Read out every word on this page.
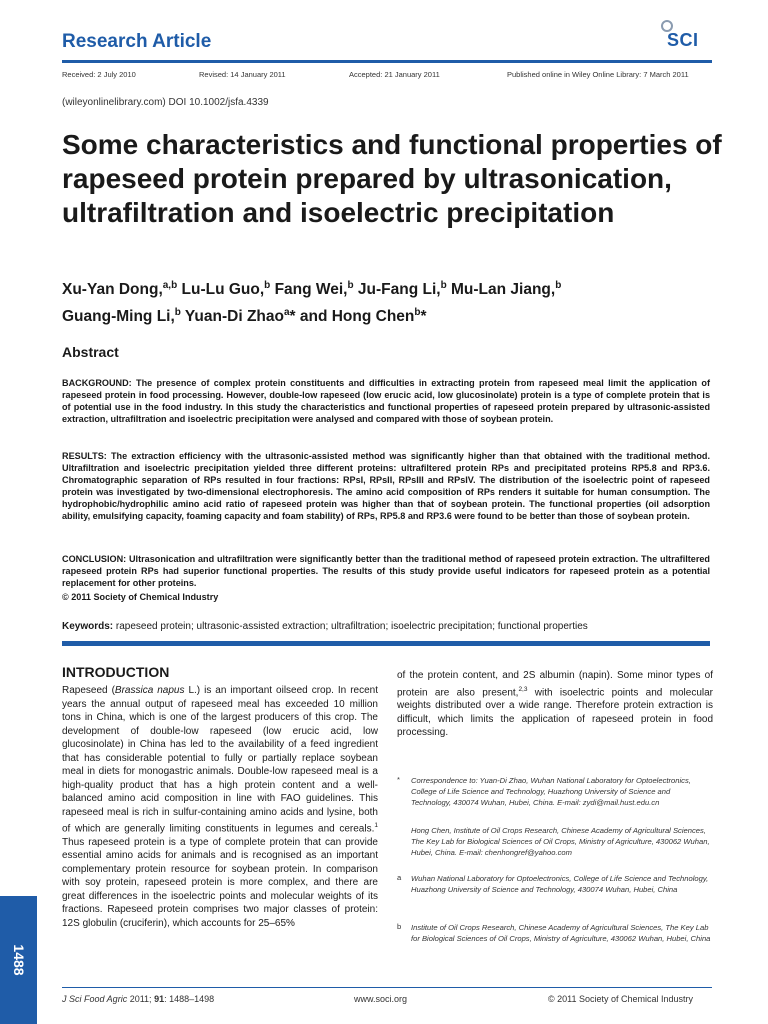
Research Article	SCI
Received: 2 July 2010	Revised: 14 January 2011	Accepted: 21 January 2011	Published online in Wiley Online Library: 7 March 2011
(wileyonlinelibrary.com) DOI 10.1002/jsfa.4339
Some characteristics and functional properties of rapeseed protein prepared by ultrasonication, ultrafiltration and isoelectric precipitation

Xu-Yan Dong,$^{a,b}$ Lu-Lu Guo,$^b$ Fang Wei,$^b$ Ju-Fang Li,$^b$ Mu-Lan Jiang,$^b$
Guang-Ming Li,$^b$ Yuan-Di Zhao$^a$* and Hong Chen$^b$*

Abstract

BACKGROUND: The presence of complex protein constituents and difficulties in extracting protein from rapeseed meal limit the application of rapeseed protein in food processing. However, double-low rapeseed (low erucic acid, low glucosinolate) protein is a type of complete protein that is of potential use in the food industry. In this study the characteristics and functional properties of rapeseed protein prepared by ultrasonic-assisted extraction, ultrafiltration and isoelectric precipitation were analysed and compared with those of soybean protein.

RESULTS: The extraction efficiency with the ultrasonic-assisted method was significantly higher than that obtained with the traditional method. Ultrafiltration and isoelectric precipitation yielded three different proteins: ultrafiltered protein RPs and precipitated proteins RP5.8 and RP3.6. Chromatographic separation of RPs resulted in four fractions: RPsI, RPsII, RPsIII and RPsIV. The distribution of the isoelectric point of rapeseed protein was investigated by two-dimensional electrophoresis. The amino acid composition of RPs renders it suitable for human consumption. The hydrophobic/hydrophilic amino acid ratio of rapeseed protein was higher than that of soybean protein. The functional properties (oil adsorption ability, emulsifying capacity, foaming capacity and foam stability) of RPs, RP5.8 and RP3.6 were found to be better than those of soybean protein.

CONCLUSION: Ultrasonication and ultrafiltration were significantly better than the traditional method of rapeseed protein extraction. The ultrafiltered rapeseed protein RPs had superior functional properties. The results of this study provide useful indicators for rapeseed protein as a potential replacement for other proteins.

© 2011 Society of Chemical Industry

Keywords: rapeseed protein; ultrasonic-assisted extraction; ultrafiltration; isoelectric precipitation; functional properties
INTRODUCTION

Rapeseed (Brassica napus L.) is an important oilseed crop. In recent years the annual output of rapeseed meal has exceeded 10 million tons in China, which is one of the largest producers of this crop. The development of double-low rapeseed (low erucic acid, low glucosinolate) in China has led to the availability of a feed ingredient that has considerable potential to fully or partially replace soybean meal in diets for monogastric animals. Double-low rapeseed meal is a high-quality product that has a high protein content and a well-balanced amino acid composition in line with FAO guidelines. This rapeseed meal is rich in sulfur-containing amino acids and lysine, both of which are generally limiting constituents in legumes and cereals.$^1$ Thus rapeseed protein is a type of complete protein that can provide essential amino acids for animals and is recognised as an important complementary protein resource for soybean protein. In comparison with soy protein, rapeseed protein is more complex, and there are great differences in the isoelectric points and molecular weights of its fractions. Rapeseed protein comprises two major classes of protein: 12S globulin (cruciferin), which accounts for 25–65%

of the protein content, and 2S albumin (napin). Some minor types of protein are also present,$^{2,3}$ with isoelectric points and molecular weights distributed over a wide range. Therefore protein extraction is difficult, which limits the application of rapeseed protein in food processing.

* Correspondence to: Yuan-Di Zhao, Wuhan National Laboratory for Optoelectronics, College of Life Science and Technology, Huazhong University of Science and Technology, 430074 Wuhan, Hubei, China. E-mail: zydi@mail.hust.edu.cn

Hong Chen, Institute of Oil Crops Research, Chinese Academy of Agricultural Sciences, The Key Lab for Biological Sciences of Oil Crops, Ministry of Agriculture, 430062 Wuhan, Hubei, China. E-mail: chenhongref@yahoo.com

a Wuhan National Laboratory for Optoelectronics, College of Life Science and Technology, Huazhong University of Science and Technology, 430074 Wuhan, Hubei, China

b Institute of Oil Crops Research, Chinese Academy of Agricultural Sciences, The Key Lab for Biological Sciences of Oil Crops, Ministry of Agriculture, 430062 Wuhan, Hubei, China

1488
J Sci Food Agric 2011; 91: 1488–1498	www.soci.org	© 2011 Society of Chemical Industry
